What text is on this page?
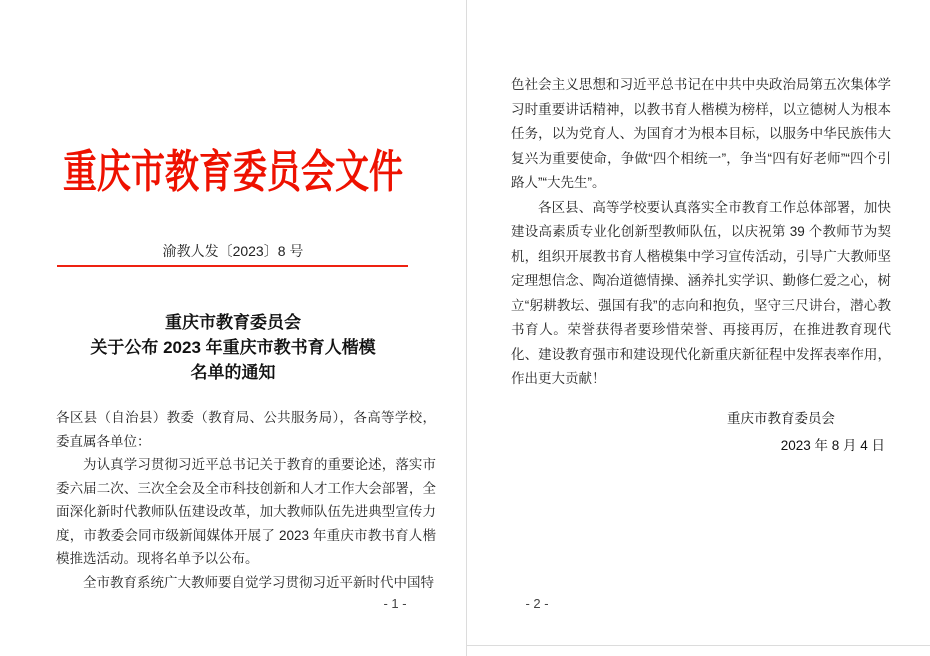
重庆市教育委员会文件
渝教人发〔2023〕8 号
重庆市教育委员会
关于公布 2023 年重庆市教书育人楷模
名单的通知

各区县（自治县）教委（教育局、公共服务局），各高等学校，委直属各单位：

为认真学习贯彻习近平总书记关于教育的重要论述，落实市委六届二次、三次全会及全市科技创新和人才工作大会部署，全面深化新时代教师队伍建设改革，加大教师队伍先进典型宣传力度，市教委会同市级新闻媒体开展了 2023 年重庆市教书育人楷模推选活动。现将名单予以公布。

全市教育系统广大教师要自觉学习贯彻习近平新时代中国特

- 1 -

色社会主义思想和习近平总书记在中共中央政治局第五次集体学习时重要讲话精神，以教书育人楷模为榜样，以立德树人为根本任务，以为党育人、为国育才为根本目标，以服务中华民族伟大复兴为重要使命，争做“四个相统一”，争当“四有好老师”“四个引路人”“大先生”。

各区县、高等学校要认真落实全市教育工作总体部署，加快建设高素质专业化创新型教师队伍，以庆祝第 39 个教师节为契机，组织开展教书育人楷模集中学习宣传活动，引导广大教师坚定理想信念、陶冶道德情操、涵养扎实学识、勤修仁爱之心，树立“躬耕教坛、强国有我”的志向和抱负，坚守三尺讲台，潜心教书育人。荣誉获得者要珍惜荣誉、再接再厉，在推进教育现代化、建设教育强市和建设现代化新重庆新征程中发挥表率作用，作出更大贡献！

重庆市教育委员会
2023 年 8 月 4 日
- 2 -
